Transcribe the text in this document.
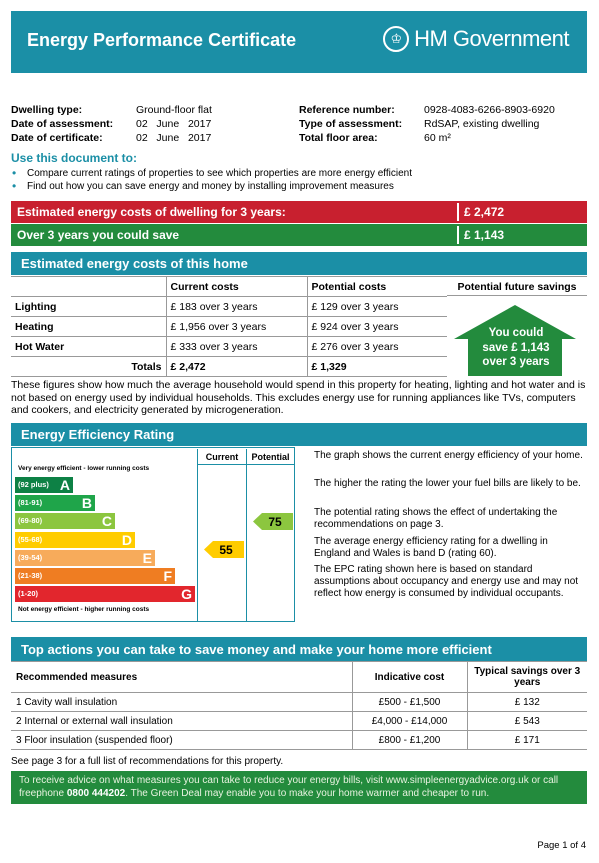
Energy Performance Certificate	♔ HM Government
Dwelling type:	Ground-floor flat
Date of assessment: 02   June   2017
Date of certificate:	02   June   2017
Reference number:	0928-4083-6266-8903-6920
Type of assessment: RdSAP, existing dwelling
Total floor area:	60 m²
Use this document to:
• Compare current ratings of properties to see which properties are more energy efficient
• Find out how you can save energy and money by installing improvement measures
Estimated energy costs of dwelling for 3 years:	£ 2,472
Over 3 years you could save	£ 1,143
Estimated energy costs of this home
	Current costs	Potential costs
Lighting	£ 183 over 3 years	£ 129 over 3 years
Heating	£ 1,956 over 3 years	£ 924 over 3 years
Hot Water	£ 333 over 3 years	£ 276 over 3 years
Totals	£ 2,472	£ 1,329
Potential future savings
You could
save £ 1,143
over 3 years
These figures show how much the average household would spend in this property for heating, lighting and hot water and is not based on energy used by individual households. This excludes energy use for running appliances like TVs, computers and cookers, and electricity generated by microgeneration.
Energy Efficiency Rating
Very energy efficient - lower running costs
(92 plus) A
(81-91)	B
(69-80)	C
(55-68)	D
(39-54)	E
(21-38)	F
(1-20)	G
Not energy efficient - higher running costs
Current	Potential
55
75
The graph shows the current energy efficiency of your home.
The higher the rating the lower your fuel bills are likely to be.
The potential rating shows the effect of undertaking the recommendations on page 3.
The average energy efficiency rating for a dwelling in England and Wales is band D (rating 60).
The EPC rating shown here is based on standard assumptions about occupancy and energy use and may not reflect how energy is consumed by individual occupants.
Top actions you can take to save money and make your home more efficient
Recommended measures	Indicative cost	Typical savings over 3 years
1 Cavity wall insulation	£500 - £1,500	£ 132
2 Internal or external wall insulation	£4,000 - £14,000	£ 543
3 Floor insulation (suspended floor)	£800 - £1,200	£ 171
See page 3 for a full list of recommendations for this property.
To receive advice on what measures you can take to reduce your energy bills, visit www.simpleenergyadvice.org.uk or call freephone 0800 444202. The Green Deal may enable you to make your home warmer and cheaper to run.
Page 1 of 4
